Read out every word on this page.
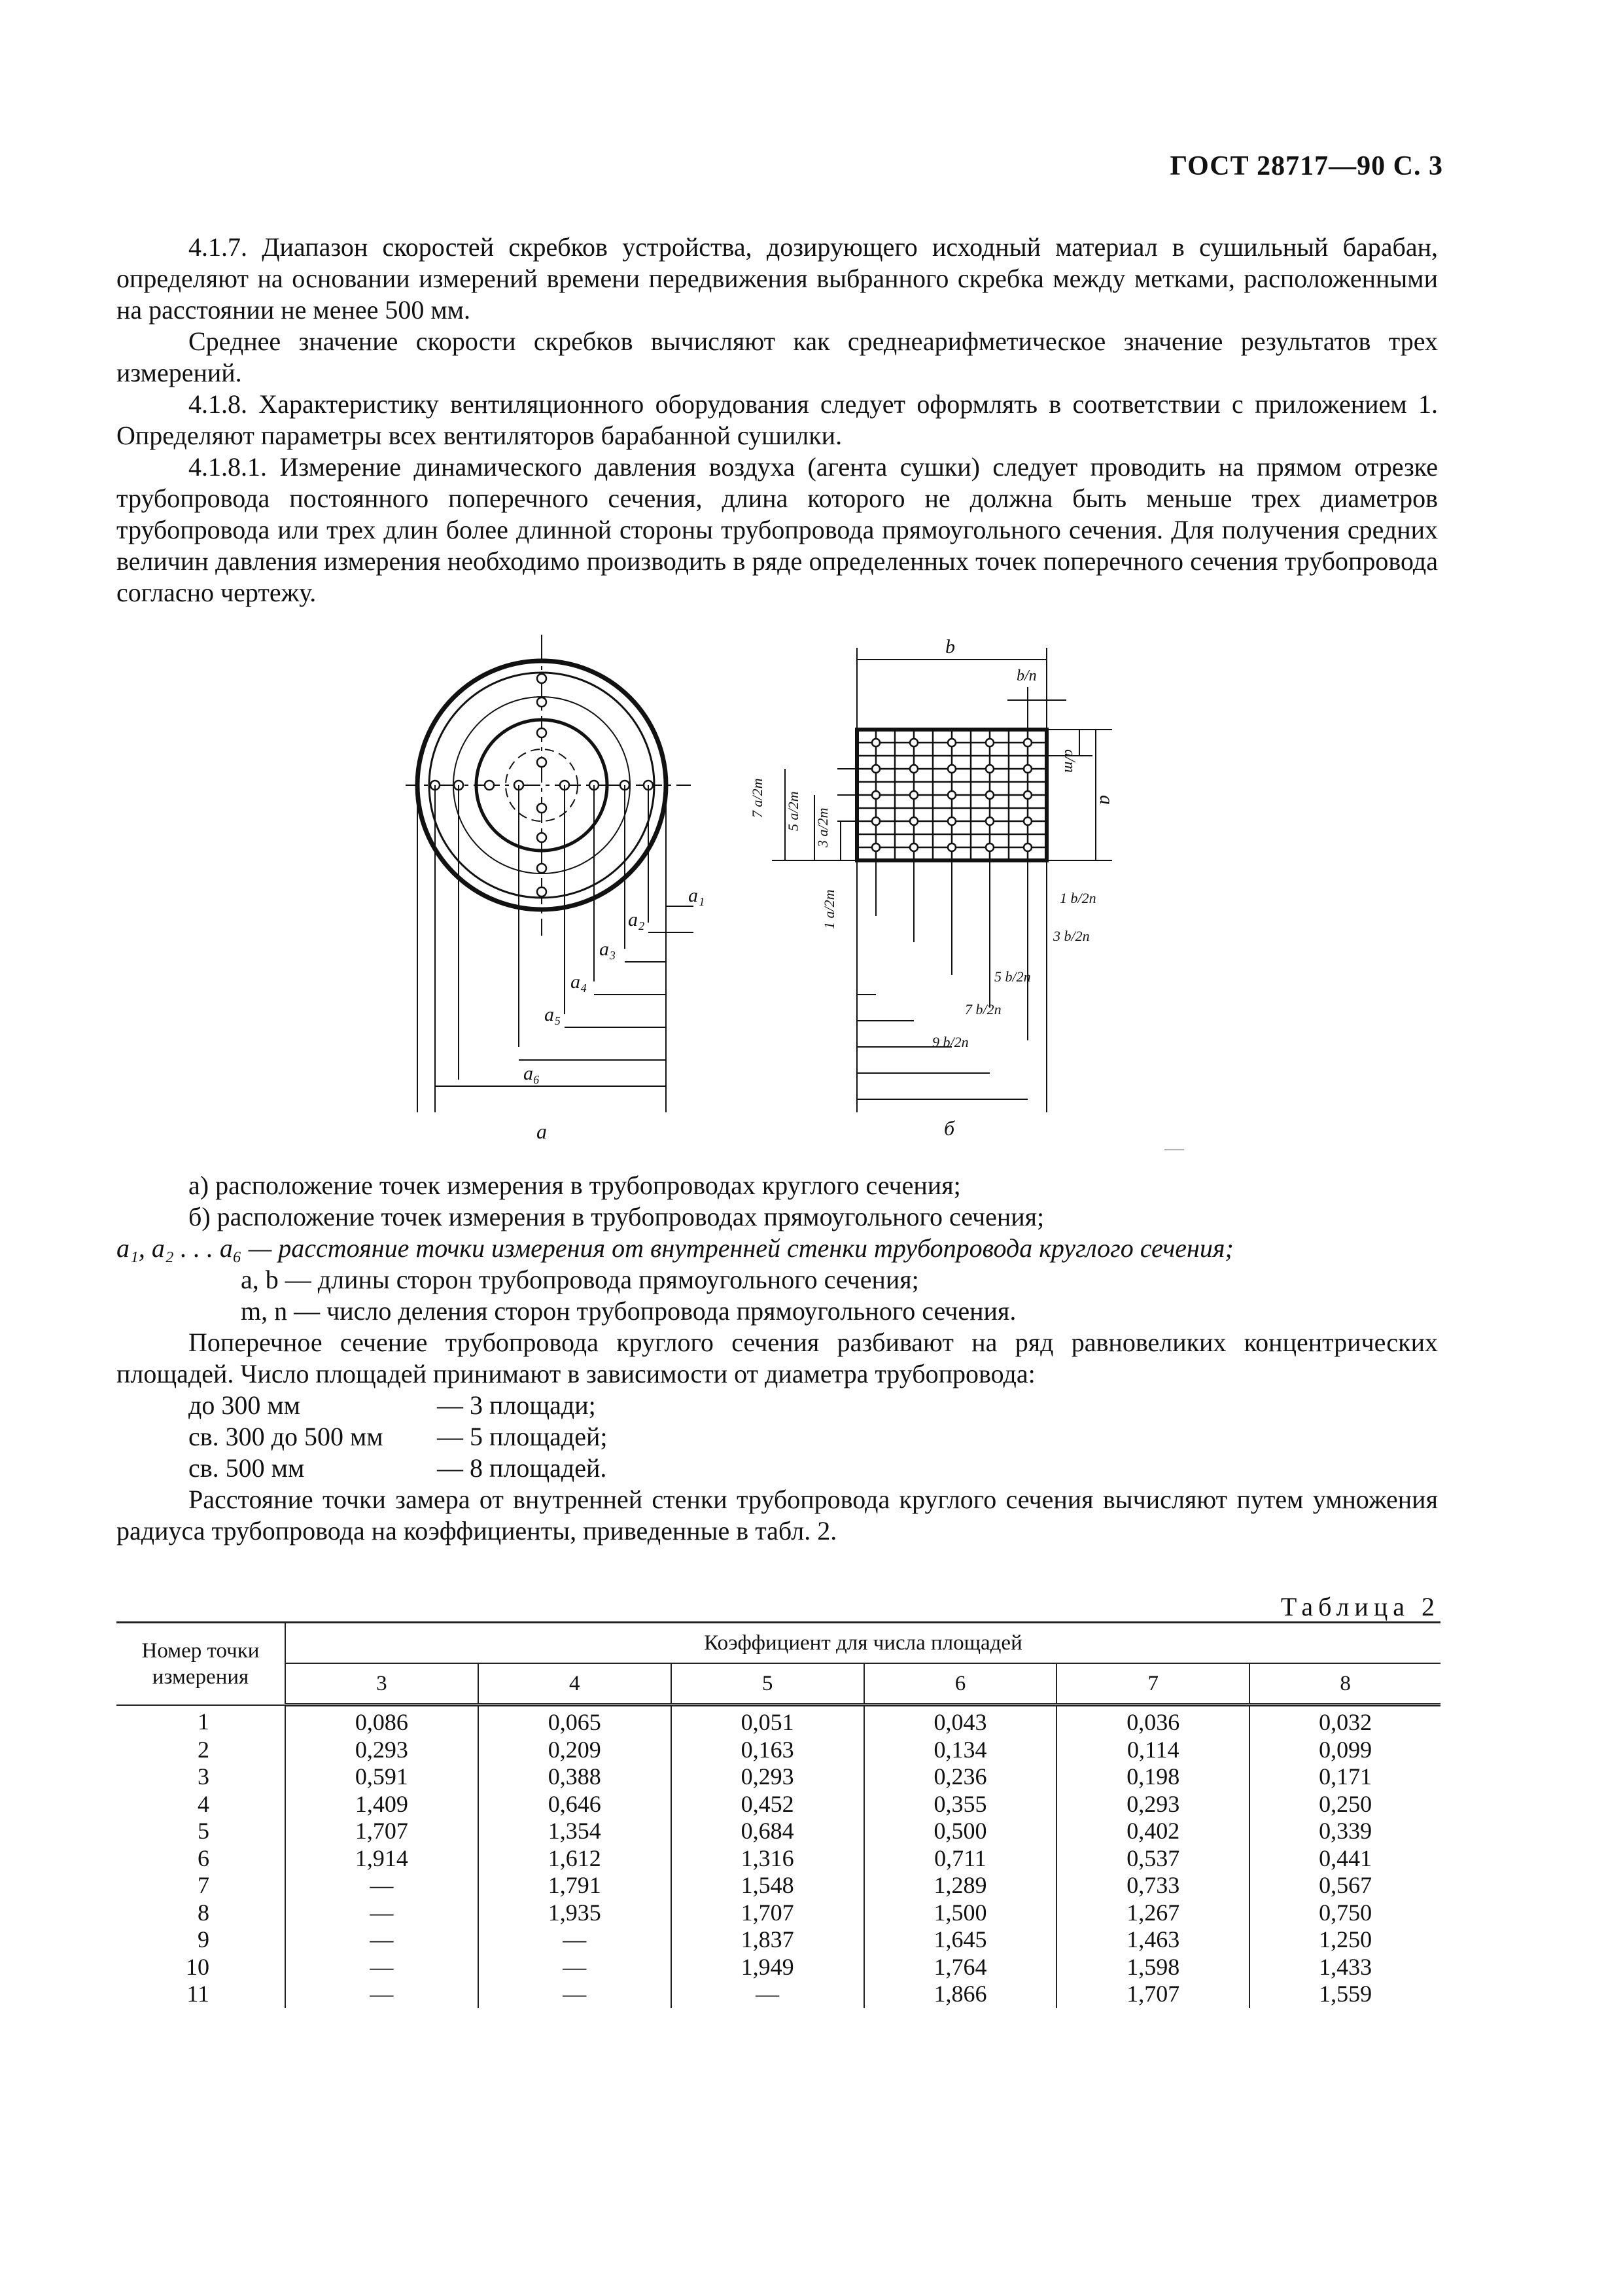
ГОСТ 28717—90 С. 3

4.1.7. Диапазон скоростей скребков устройства, дозирующего исходный материал в сушильный барабан, определяют на основании измерений времени передвижения выбранного скребка между метками, расположенными на расстоянии не менее 500 мм.

Среднее значение скорости скребков вычисляют как среднеарифметическое значение результатов трех измерений.

4.1.8. Характеристику вентиляционного оборудования следует оформлять в соответствии с приложением 1. Определяют параметры всех вентиляторов барабанной сушилки.

4.1.8.1. Измерение динамического давления воздуха (агента сушки) следует проводить на прямом отрезке трубопровода постоянного поперечного сечения, длина которого не должна быть меньше трех диаметров трубопровода или трех длин более длинной стороны трубопровода прямоугольного сечения. Для получения средних величин давления измерения необходимо производить в ряде определенных точек поперечного сечения трубопровода согласно чертежу.

a₁
a₂
a₃
a₄
a₅
a₆
а
b
b/n
a/m
a
7 a/2m 5 a/2m 3 a/2m
1 a/2m	1 b/2n
3 b/2n
5 b/2n
7 b/2n
9 b/2n
б
—
а) расположение точек измерения в трубопроводах круглого сечения;
б) расположение точек измерения в трубопроводах прямоугольного сечения;
a₁, a₂ . . . a₆ — расстояние точки измерения от внутренней стенки трубопровода круглого сечения;
a, b — длины сторон трубопровода прямоугольного сечения;
m, n — число деления сторон трубопровода прямоугольного сечения.

Поперечное сечение трубопровода круглого сечения разбивают на ряд равновеликих концентрических площадей. Число площадей принимают в зависимости от диаметра трубопровода:

до 300 мм	— 3 площади;
св. 300 до 500 мм — 5 площадей;
св. 500 мм	— 8 площадей.

Расстояние точки замера от внутренней стенки трубопровода круглого сечения вычисляют путем умножения радиуса трубопровода на коэффициенты, приведенные в табл. 2.

Таблица 2
Номер точки измерения	Коэффициент для числа площадей					
	3	4	5	6	7	8
1	0,086	0,065	0,051	0,043	0,036	0,032
2	0,293	0,209	0,163	0,134	0,114	0,099
3	0,591	0,388	0,293	0,236	0,198	0,171
4	1,409	0,646	0,452	0,355	0,293	0,250
5	1,707	1,354	0,684	0,500	0,402	0,339
6	1,914	1,612	1,316	0,711	0,537	0,441
7	—	1,791	1,548	1,289	0,733	0,567
8	—	1,935	1,707	1,500	1,267	0,750
9	—	—	1,837	1,645	1,463	1,250
10	—	—	1,949	1,764	1,598	1,433
11	—	—	—	1,866	1,707	1,559
